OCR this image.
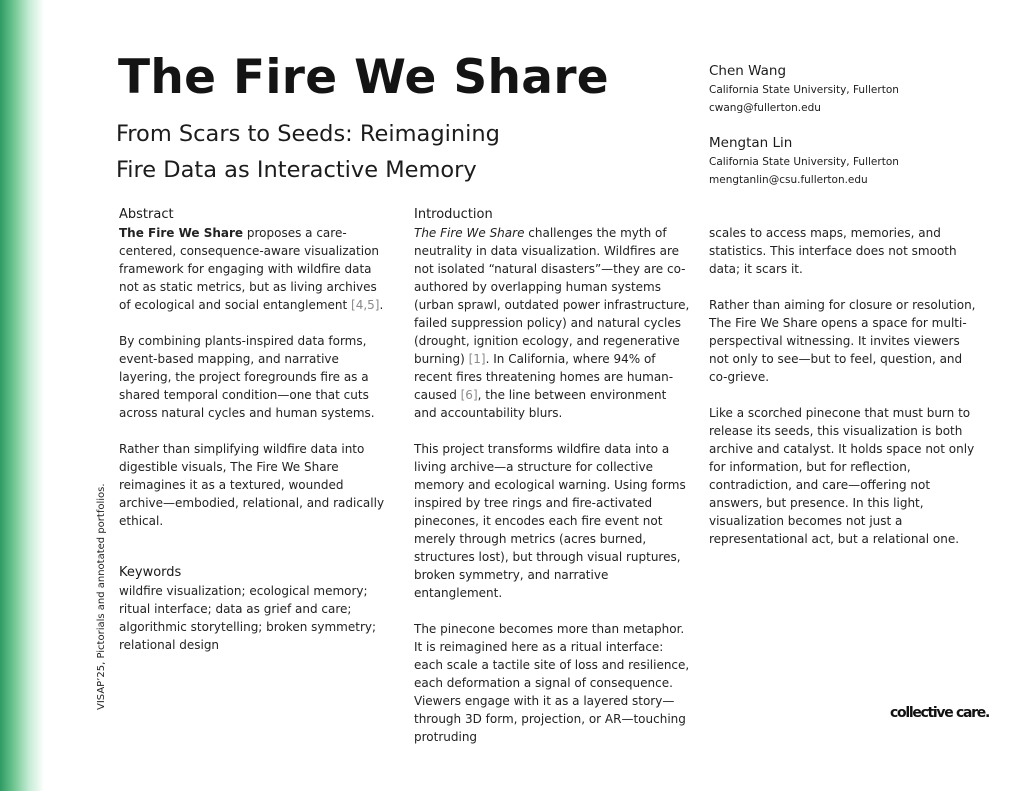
The Fire We Share
From Scars to Seeds: Reimagining
Fire Data as Interactive Memory
Chen Wang
California State University, Fullerton
cwang@fullerton.edu
Mengtan Lin
California State University, Fullerton
mengtanlin@csu.fullerton.edu
Abstract

The Fire We Share proposes a care-centered, consequence-aware visualization framework for engaging with wildfire data not as static metrics, but as living archives of ecological and social entanglement [4,5].

By combining plants-inspired data forms, event-based mapping, and narrative layering, the project foregrounds fire as a shared temporal condition—one that cuts across natural cycles and human systems.

Rather than simplifying wildfire data into digestible visuals, The Fire We Share reimagines it as a textured, wounded archive—embodied, relational, and radically ethical.

Keywords

wildfire visualization; ecological memory; ritual interface; data as grief and care; algorithmic storytelling; broken symmetry; relational design

Introduction

The Fire We Share challenges the myth of neutrality in data visualization. Wildfires are not isolated “natural disasters”—they are co-authored by overlapping human systems (urban sprawl, outdated power infrastructure, failed suppression policy) and natural cycles (drought, ignition ecology, and regenerative burning) [1]. In California, where 94% of recent fires threatening homes are human-caused [6], the line between environment and accountability blurs.

This project transforms wildfire data into a living archive—a structure for collective memory and ecological warning. Using forms inspired by tree rings and fire-activated pinecones, it encodes each fire event not merely through metrics (acres burned, structures lost), but through visual ruptures, broken symmetry, and narrative entanglement.

The pinecone becomes more than metaphor. It is reimagined here as a ritual interface: each scale a tactile site of loss and resilience, each deformation a signal of consequence. Viewers engage with it as a layered story—through 3D form, projection, or AR—touching protruding

scales to access maps, memories, and statistics. This interface does not smooth data; it scars it.

Rather than aiming for closure or resolution, The Fire We Share opens a space for multi-perspectival witnessing. It invites viewers not only to see—but to feel, question, and co-grieve.

Like a scorched pinecone that must burn to release its seeds, this visualization is both archive and catalyst. It holds space not only for information, but for reflection, contradiction, and care—offering not answers, but presence. In this light, visualization becomes not just a representational act, but a relational one.

VISAP’25, Pictorials and annotated portfolios.
collective care.
